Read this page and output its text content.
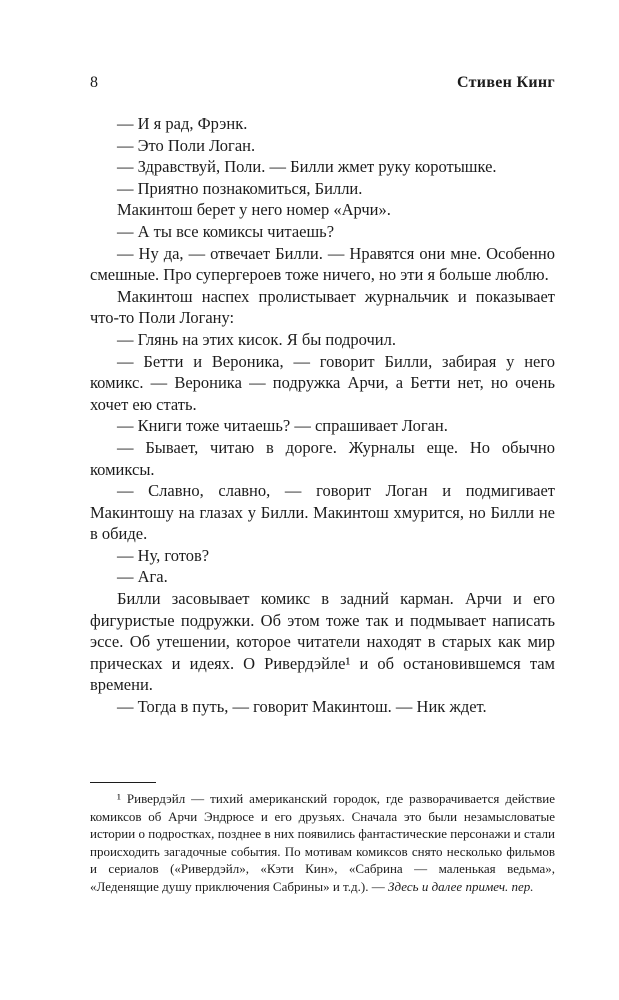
8	Стивен Кинг

— И я рад, Фрэнк.

— Это Поли Логан.

— Здравствуй, Поли. — Билли жмет руку коротышке.

— Приятно познакомиться, Билли.

Макинтош берет у него номер «Арчи».

— А ты все комиксы читаешь?

— Ну да, — отвечает Билли. — Нравятся они мне. Особенно смешные. Про супергероев тоже ничего, но эти я больше люблю.

Макинтош наспех пролистывает журнальчик и показывает что-то Поли Логану:

— Глянь на этих кисок. Я бы подрочил.

— Бетти и Вероника, — говорит Билли, забирая у него комикс. — Вероника — подружка Арчи, а Бетти нет, но очень хочет ею стать.

— Книги тоже читаешь? — спрашивает Логан.

— Бывает, читаю в дороге. Журналы еще. Но обычно комиксы.

— Славно, славно, — говорит Логан и подмигивает Макинтошу на глазах у Билли. Макинтош хмурится, но Билли не в обиде.

— Ну, готов?

— Ага.

Билли засовывает комикс в задний карман. Арчи и его фигуристые подружки. Об этом тоже так и подмывает написать эссе. Об утешении, которое читатели находят в старых как мир прическах и идеях. О Ривердэйле¹ и об остановившемся там времени.

— Тогда в путь, — говорит Макинтош. — Ник ждет.

¹ Ривердэйл — тихий американский городок, где разворачивается действие комиксов об Арчи Эндрюсе и его друзьях. Сначала это были незамысловатые истории о подростках, позднее в них появились фантастические персонажи и стали происходить загадочные события. По мотивам комиксов снято несколько фильмов и сериалов («Ривердэйл», «Кэти Кин», «Сабрина — маленькая ведьма», «Леденящие душу приключения Сабрины» и т.д.). — Здесь и далее примеч. пер.
